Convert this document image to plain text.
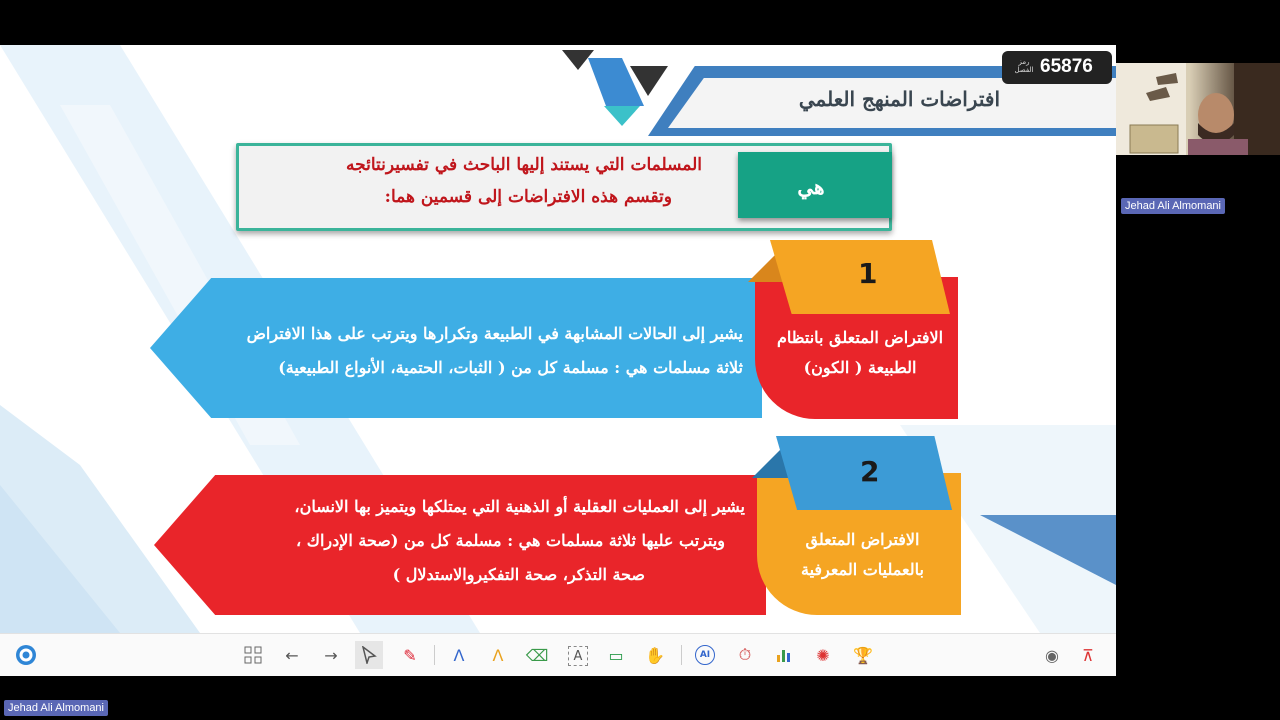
افتراضات المنهج العلمي
المسلمات التي يستند إليها الباحث في تفسيرنتائجه
وتقسم هذه الافتراضات إلى قسمين هما:	هي
يشير إلى الحالات المشابهة في الطبيعة وتكرارها ويترتب على هذا الافتراض
ثلاثة مسلمات هي : مسلمة كل من ( الثبات، الحتمية، الأنواع الطبيعية)
1
الافتراض المتعلق بانتظام
الطبيعة ( الكون)
يشير إلى العمليات العقلية أو الذهنية التي يمتلكها ويتميز بها الانسان،
ويترتب عليها ثلاثة مسلمات هي : مسلمة كل من (صحة الإدراك ،
صحة التذكر، صحة التفكيروالاستدلال )
2
الافتراض المتعلق
بالعمليات المعرفية
رمز الفصل 65876
Jehad Ali Almomani
←	→	✎	Ʌ	Ʌ	⌫	A	▭	✋	AI	⏱	✺	🏆	◉	⊼
Jehad Ali Almomani
